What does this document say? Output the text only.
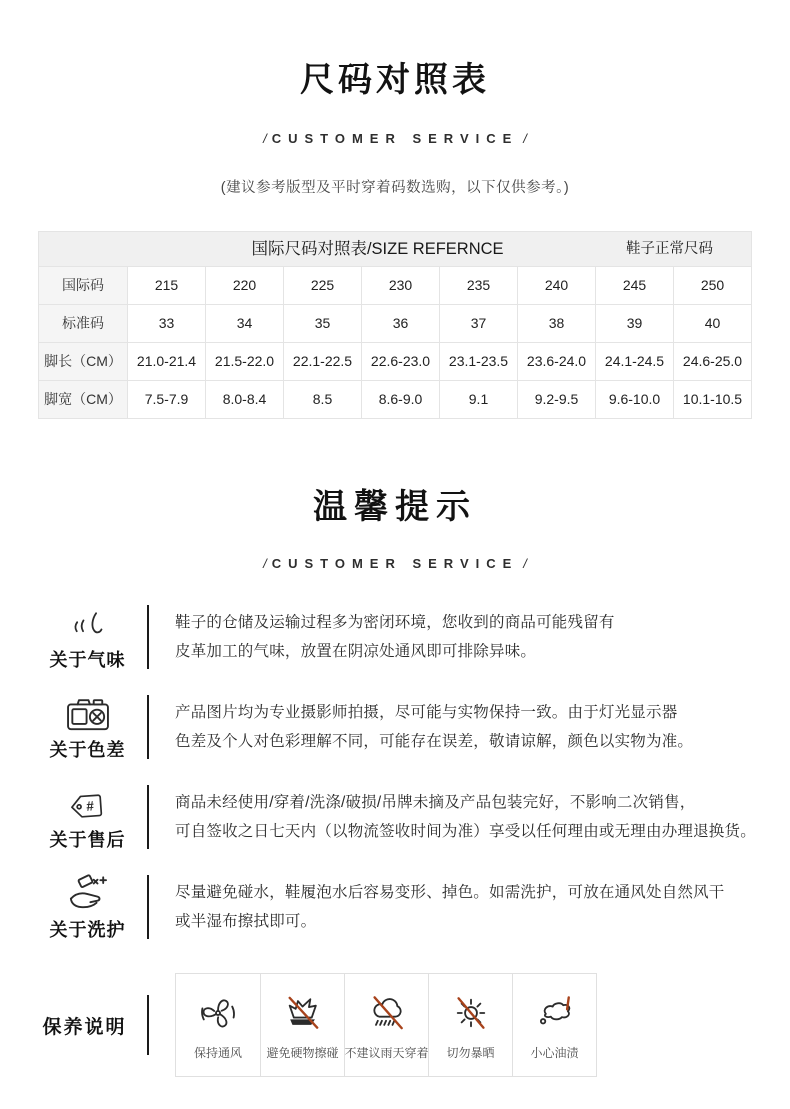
尺码对照表
/ CUSTOMER SERVICE /
(建议参考版型及平时穿着码数选购，以下仅供参考。)
国际尺码对照表/SIZE REFERNCE	鞋子正常尺码
国际码	215	220	225	230	235	240	245	250
标准码	33	34	35	36	37	38	39	40
脚长（CM）	21.0-21.4	21.5-22.0	22.1-22.5	22.6-23.0	23.1-23.5	23.6-24.0	24.1-24.5	24.6-25.0
脚宽（CM）	7.5-7.9	8.0-8.4	8.5	8.6-9.0	9.1	9.2-9.5	9.6-10.0	10.1-10.5
温馨提示
/ CUSTOMER SERVICE /
关于气味
鞋子的仓储及运输过程多为密闭环境，您收到的商品可能残留有
皮革加工的气味，放置在阴凉处通风即可排除异味。
关于色差
产品图片均为专业摄影师拍摄，尽可能与实物保持一致。由于灯光显示器
色差及个人对色彩理解不同，可能存在误差，敬请谅解，颜色以实物为准。
#
关于售后
商品未经使用/穿着/洗涤/破损/吊牌未摘及产品包装完好，不影响二次销售，
可自签收之日七天内（以物流签收时间为准）享受以任何理由或无理由办理退换货。
关于洗护
尽量避免碰水，鞋履泡水后容易变形、掉色。如需洗护，可放在通风处自然风干
或半湿布擦拭即可。
保养说明
保持通风 避免硬物擦碰 不建议雨天穿着 切勿暴晒	小心油渍
